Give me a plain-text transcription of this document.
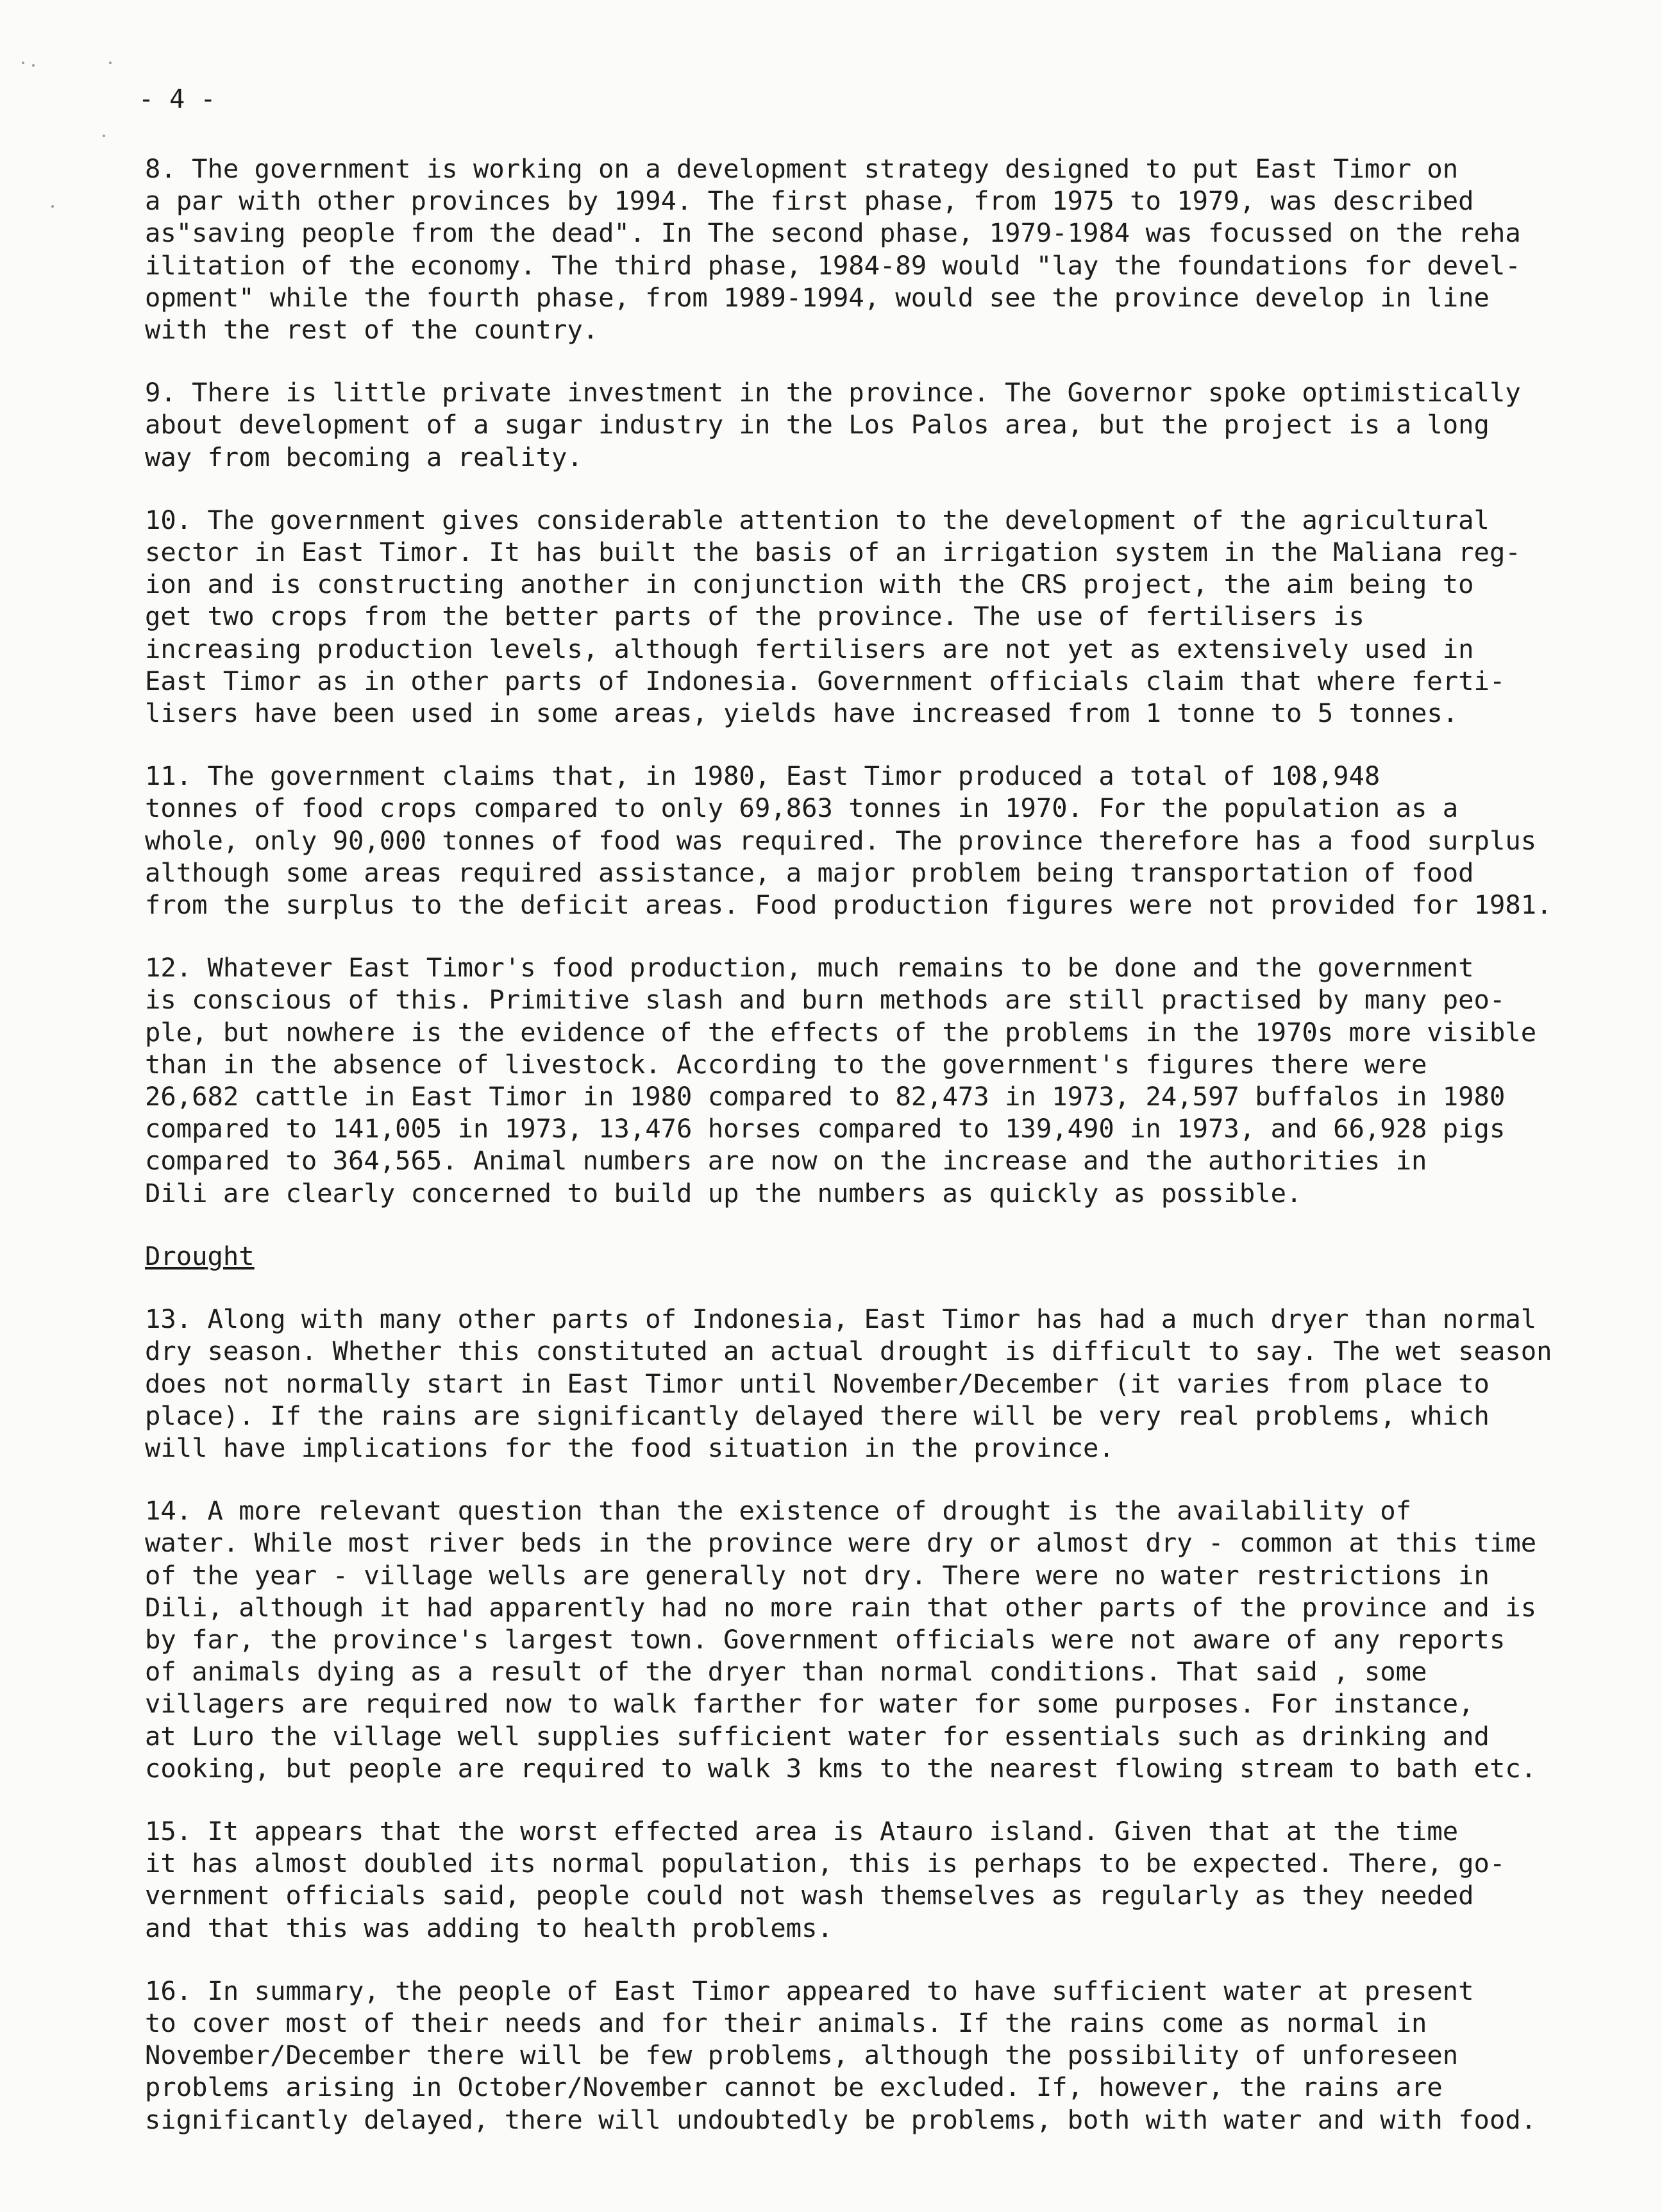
- 4 -

8. The government is working on a development strategy designed to put East Timor on
a par with other provinces by 1994. The first phase, from 1975 to 1979, was described
as"saving people from the dead". In The second phase, 1979-1984 was focussed on the reha
ilitation of the economy. The third phase, 1984-89 would "lay the foundations for devel-
opment" while the fourth phase, from 1989-1994, would see the province develop in line
with the rest of the country.

9. There is little private investment in the province. The Governor spoke optimistically
about development of a sugar industry in the Los Palos area, but the project is a long
way from becoming a reality.

10. The government gives considerable attention to the development of the agricultural
sector in East Timor. It has built the basis of an irrigation system in the Maliana reg-
ion and is constructing another in conjunction with the CRS project, the aim being to
get two crops from the better parts of the province. The use of fertilisers is
increasing production levels, although fertilisers are not yet as extensively used in
East Timor as in other parts of Indonesia. Government officials claim that where ferti-
lisers have been used in some areas, yields have increased from 1 tonne to 5 tonnes.

11. The government claims that, in 1980, East Timor produced a total of 108,948
tonnes of food crops compared to only 69,863 tonnes in 1970. For the population as a
whole, only 90,000 tonnes of food was required. The province therefore has a food surplus
although some areas required assistance, a major problem being transportation of food
from the surplus to the deficit areas. Food production figures were not provided for 1981.

12. Whatever East Timor's food production, much remains to be done and the government
is conscious of this. Primitive slash and burn methods are still practised by many peo-
ple, but nowhere is the evidence of the effects of the problems in the 1970s more visible
than in the absence of livestock. According to the government's figures there were
26,682 cattle in East Timor in 1980 compared to 82,473 in 1973, 24,597 buffalos in 1980
compared to 141,005 in 1973, 13,476 horses compared to 139,490 in 1973, and 66,928 pigs
compared to 364,565. Animal numbers are now on the increase and the authorities in
Dili are clearly concerned to build up the numbers as quickly as possible.

Drought

13. Along with many other parts of Indonesia, East Timor has had a much dryer than normal
dry season. Whether this constituted an actual drought is difficult to say. The wet season
does not normally start in East Timor until November/December (it varies from place to
place). If the rains are significantly delayed there will be very real problems, which
will have implications for the food situation in the province.

14. A more relevant question than the existence of drought is the availability of
water. While most river beds in the province were dry or almost dry - common at this time
of the year - village wells are generally not dry. There were no water restrictions in
Dili, although it had apparently had no more rain that other parts of the province and is
by far, the province's largest town. Government officials were not aware of any reports
of animals dying as a result of the dryer than normal conditions. That said , some
villagers are required now to walk farther for water for some purposes. For instance,
at Luro the village well supplies sufficient water for essentials such as drinking and
cooking, but people are required to walk 3 kms to the nearest flowing stream to bath etc.

15. It appears that the worst effected area is Atauro island. Given that at the time
it has almost doubled its normal population, this is perhaps to be expected. There, go-
vernment officials said, people could not wash themselves as regularly as they needed
and that this was adding to health problems.

16. In summary, the people of East Timor appeared to have sufficient water at present
to cover most of their needs and for their animals. If the rains come as normal in
November/December there will be few problems, although the possibility of unforeseen
problems arising in October/November cannot be excluded. If, however, the rains are
significantly delayed, there will undoubtedly be problems, both with water and with food.
